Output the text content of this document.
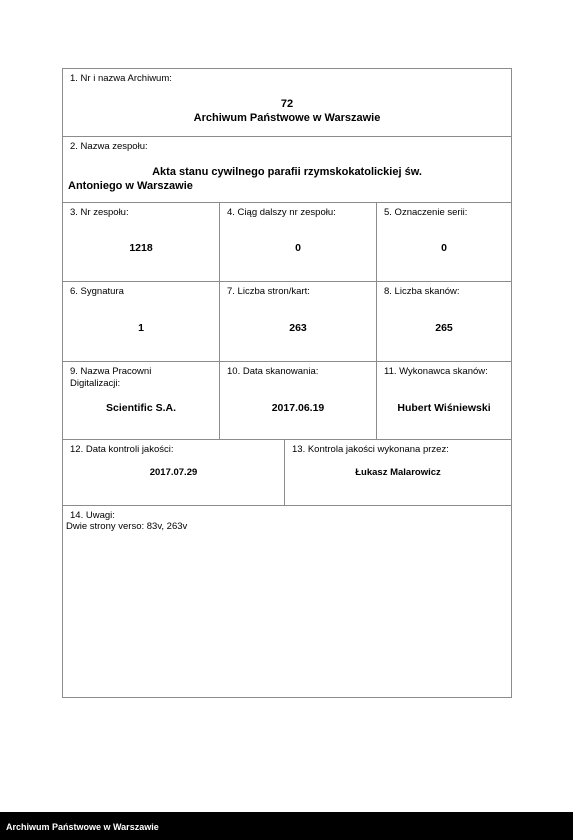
1. Nr i nazwa Archiwum:
72
Archiwum Państwowe w Warszawie
2. Nazwa zespołu:
Akta stanu cywilnego parafii rzymskokatolickiej św.
Antoniego w Warszawie
3. Nr zespołu:
1218
4. Ciąg dalszy nr zespołu:
0
5. Oznaczenie serii:
0
6. Sygnatura
1
7. Liczba stron/kart:
263
8. Liczba skanów:
265
9. Nazwa Pracowni
Digitalizacji:
Scientific S.A.
10. Data skanowania:
2017.06.19
11. Wykonawca skanów:
Hubert Wiśniewski
12. Data kontroli jakości:
2017.07.29
13. Kontrola jakości wykonana przez:
Łukasz Malarowicz
14. Uwagi:
Dwie strony verso: 83v, 263v
Archiwum Państwowe w Warszawie
